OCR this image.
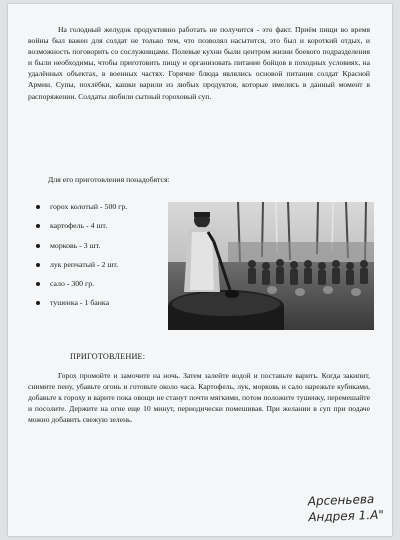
На голодный желудок продуктивно работать не получится - это факт. Приём пищи во время войны был важен для солдат не только тем, что позволял насытится, это был и короткий отдых, и возможность поговорить со сослуживцами. Полевые кухни были центром жизни боевого подразделения и были необходимы, чтобы приготовить пищу и организовать питание бойцов в походных условиях, на удалённых объектах, в военных частях. Горячие блюда являлись основой питания солдат Красной Армии. Супы, похлёбки, кашки варили из любых продуктов, которые имелись в данный момент в распоряжении. Солдаты любили сытный гороховый суп.

Для его приготовления понадобятся:

горох колотый - 500 гр.
картофель - 4 шт.
морковь - 3 шт.
лук репчатый - 2 шт.
сало - 300 гр.
тушенка - 1 банка

ПРИГОТОВЛЕНИЕ:

Горох промойте и замочите на ночь. Затем залейте водой и поставьте варить. Когда закипит, снимите пену, убавьте огонь и готовьте около часа. Картофель, лук, морковь и сало нарежьте кубиками, добавьте к гороху и варите пока овощи не станут почти мягкими, потом положите тушенку, перемешайте и посолите. Держите на огне еще 10 минут, периодически помешивая. При желании в суп при подаче можно добавить свежую зелень.

Арсеньева
Андрея 1.А"
